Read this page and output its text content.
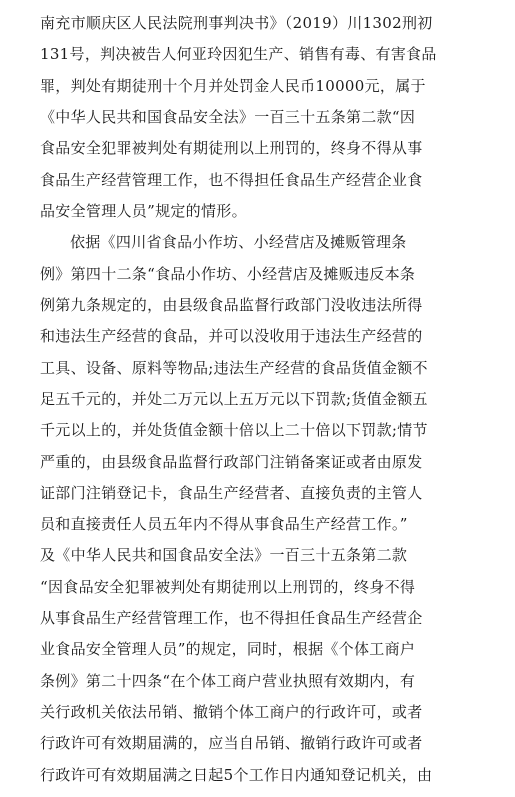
南充市顺庆区人民法院刑事判决书》（2019）川1302刑初

131号，判决被告人何亚玲因犯生产、销售有毒、有害食品

罪，判处有期徒刑十个月并处罚金人民币10000元，属于

《中华人民共和国食品安全法》一百三十五条第二款“因

食品安全犯罪被判处有期徒刑以上刑罚的，终身不得从事

食品生产经营管理工作，也不得担任食品生产经营企业食

品安全管理人员”规定的情形。

依据《四川省食品小作坊、小经营店及摊贩管理条

例》第四十二条“食品小作坊、小经营店及摊贩违反本条

例第九条规定的，由县级食品监督行政部门没收违法所得

和违法生产经营的食品，并可以没收用于违法生产经营的

工具、设备、原料等物品;违法生产经营的食品货值金额不

足五千元的，并处二万元以上五万元以下罚款;货值金额五

千元以上的，并处货值金额十倍以上二十倍以下罚款;情节

严重的，由县级食品监督行政部门注销备案证或者由原发

证部门注销登记卡，食品生产经营者、直接负责的主管人

员和直接责任人员五年内不得从事食品生产经营工作。”

及《中华人民共和国食品安全法》一百三十五条第二款

“因食品安全犯罪被判处有期徒刑以上刑罚的，终身不得

从事食品生产经营管理工作，也不得担任食品生产经营企

业食品安全管理人员”的规定，同时，根据《个体工商户

条例》第二十四条“在个体工商户营业执照有效期内，有

关行政机关依法吊销、撤销个体工商户的行政许可，或者

行政许可有效期届满的，应当自吊销、撤销行政许可或者

行政许可有效期届满之日起5个工作日内通知登记机关，由
